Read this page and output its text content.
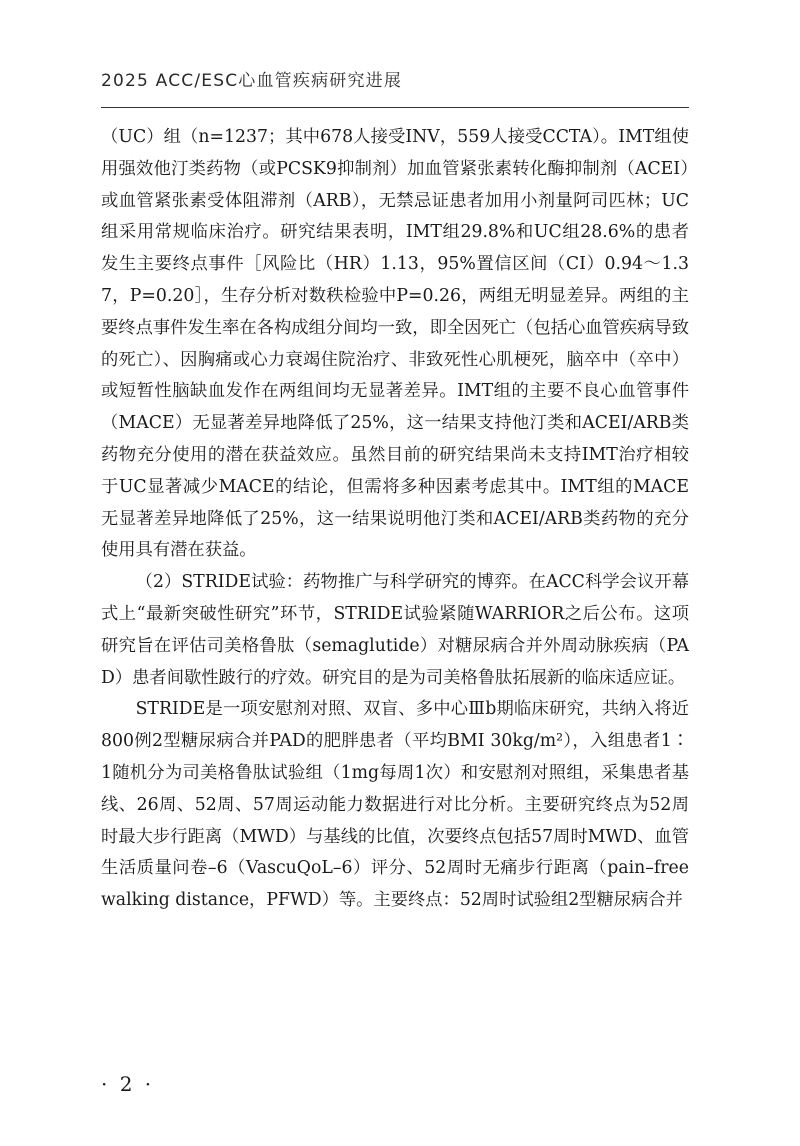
2025 ACC/ESC心血管疾病研究进展

（UC）组（n=1237；其中678人接受INV，559人接受CCTA）。IMT组使用强效他汀类药物（或PCSK9抑制剂）加血管紧张素转化酶抑制剂（ACEI）或血管紧张素受体阻滞剂（ARB），无禁忌证患者加用小剂量阿司匹林；UC组采用常规临床治疗。研究结果表明，IMT组29.8%和UC组28.6%的患者发生主要终点事件［风险比（HR）1.13，95%置信区间（CI）0.94～1.37，P=0.20］，生存分析对数秩检验中P=0.26，两组无明显差异。两组的主要终点事件发生率在各构成组分间均一致，即全因死亡（包括心血管疾病导致的死亡）、因胸痛或心力衰竭住院治疗、非致死性心肌梗死，脑卒中（卒中）或短暂性脑缺血发作在两组间均无显著差异。IMT组的主要不良心血管事件（MACE）无显著差异地降低了25%，这一结果支持他汀类和ACEI/ARB类药物充分使用的潜在获益效应。虽然目前的研究结果尚未支持IMT治疗相较于UC显著减少MACE的结论，但需将多种因素考虑其中。IMT组的MACE无显著差异地降低了25%，这一结果说明他汀类和ACEI/ARB类药物的充分使用具有潜在获益。

（2）STRIDE试验：药物推广与科学研究的博弈。在ACC科学会议开幕式上“最新突破性研究”环节，STRIDE试验紧随WARRIOR之后公布。这项研究旨在评估司美格鲁肽（semaglutide）对糖尿病合并外周动脉疾病（PAD）患者间歇性跛行的疗效。研究目的是为司美格鲁肽拓展新的临床适应证。

STRIDE是一项安慰剂对照、双盲、多中心Ⅲb期临床研究，共纳入将近800例2型糖尿病合并PAD的肥胖患者（平均BMI 30kg/m²），入组患者1∶1随机分为司美格鲁肽试验组（1mg每周1次）和安慰剂对照组，采集患者基线、26周、52周、57周运动能力数据进行对比分析。主要研究终点为52周时最大步行距离（MWD）与基线的比值，次要终点包括57周时MWD、血管生活质量问卷–6（VascuQoL–6）评分、52周时无痛步行距离（pain–free walking distance，PFWD）等。主要终点：52周时试验组2型糖尿病合并

· 2 ·
